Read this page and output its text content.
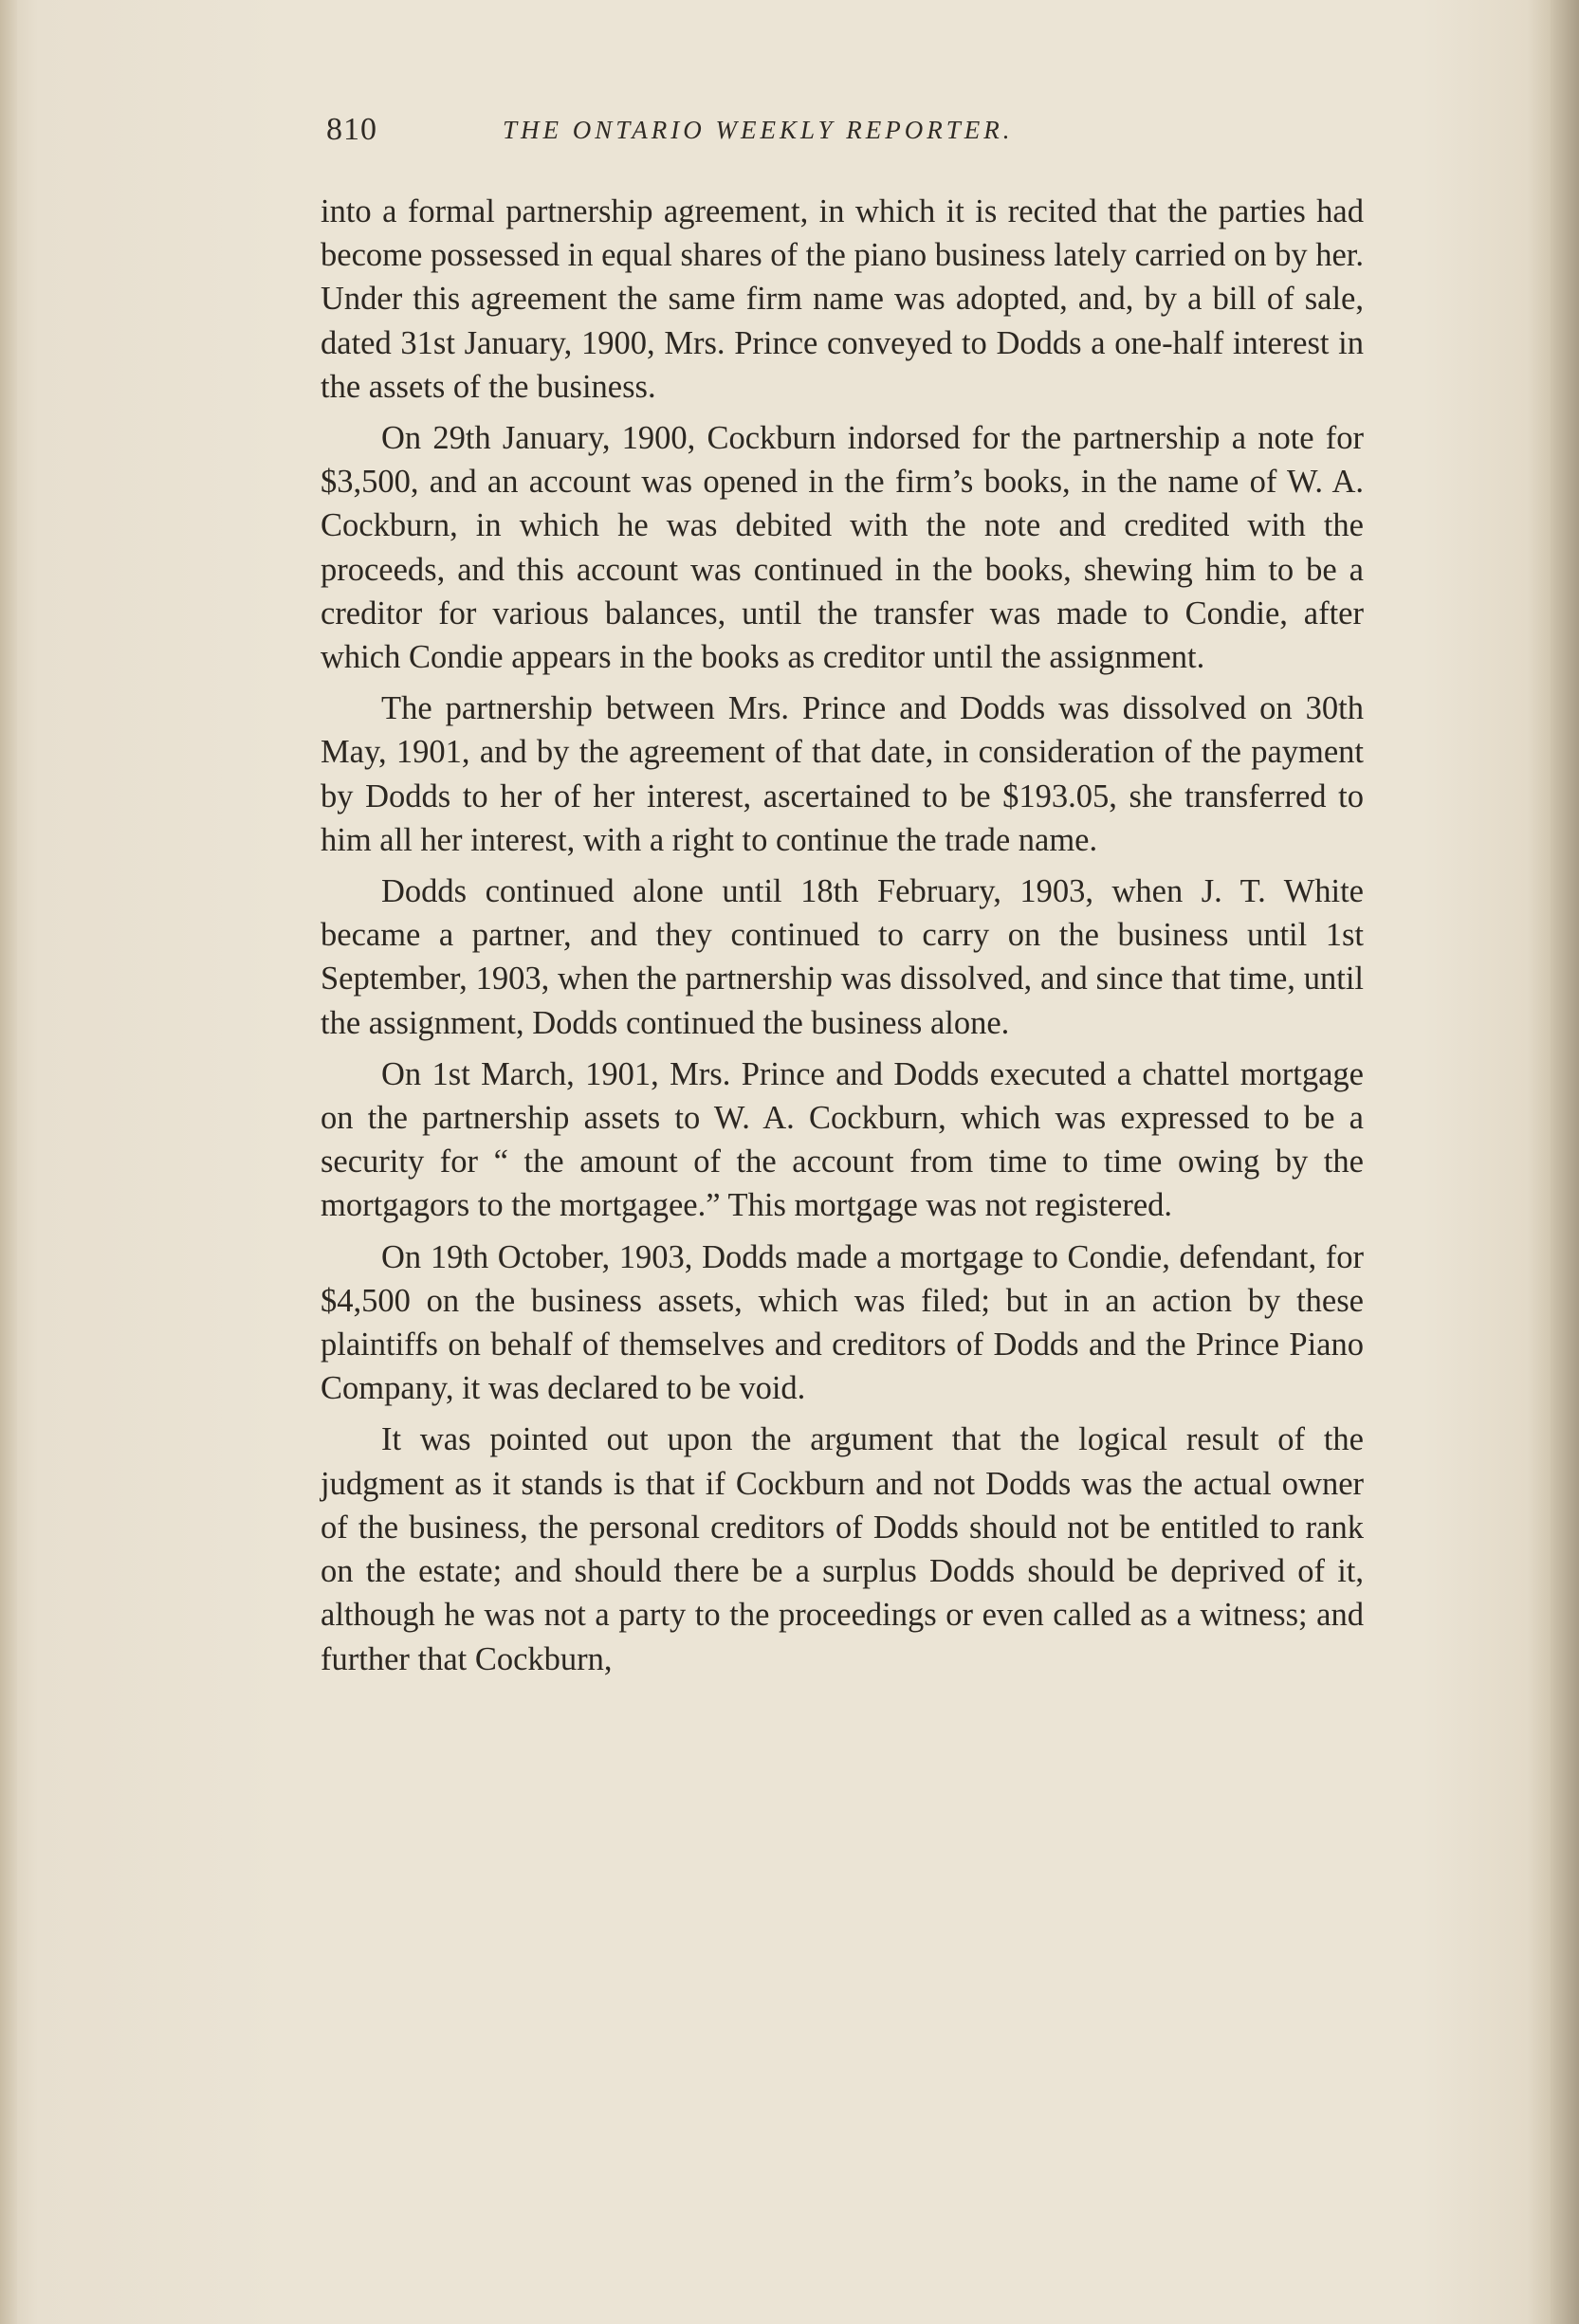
810	THE ONTARIO WEEKLY REPORTER.

into a formal partnership agreement, in which it is recited that the parties had become possessed in equal shares of the piano business lately carried on by her. Under this agreement the same firm name was adopted, and, by a bill of sale, dated 31st January, 1900, Mrs. Prince conveyed to Dodds a one-half interest in the assets of the business.

On 29th January, 1900, Cockburn indorsed for the partnership a note for $3,500, and an account was opened in the firm’s books, in the name of W. A. Cockburn, in which he was debited with the note and credited with the proceeds, and this account was continued in the books, shewing him to be a creditor for various balances, until the transfer was made to Condie, after which Condie appears in the books as creditor until the assignment.

The partnership between Mrs. Prince and Dodds was dissolved on 30th May, 1901, and by the agreement of that date, in consideration of the payment by Dodds to her of her interest, ascertained to be $193.05, she transferred to him all her interest, with a right to continue the trade name.

Dodds continued alone until 18th February, 1903, when J. T. White became a partner, and they continued to carry on the business until 1st September, 1903, when the partnership was dissolved, and since that time, until the assignment, Dodds continued the business alone.

On 1st March, 1901, Mrs. Prince and Dodds executed a chattel mortgage on the partnership assets to W. A. Cockburn, which was expressed to be a security for “ the amount of the account from time to time owing by the mortgagors to the mortgagee.” This mortgage was not registered.

On 19th October, 1903, Dodds made a mortgage to Condie, defendant, for $4,500 on the business assets, which was filed; but in an action by these plaintiffs on behalf of themselves and creditors of Dodds and the Prince Piano Company, it was declared to be void.

It was pointed out upon the argument that the logical result of the judgment as it stands is that if Cockburn and not Dodds was the actual owner of the business, the personal creditors of Dodds should not be entitled to rank on the estate; and should there be a surplus Dodds should be deprived of it, although he was not a party to the proceedings or even called as a witness; and further that Cockburn,
